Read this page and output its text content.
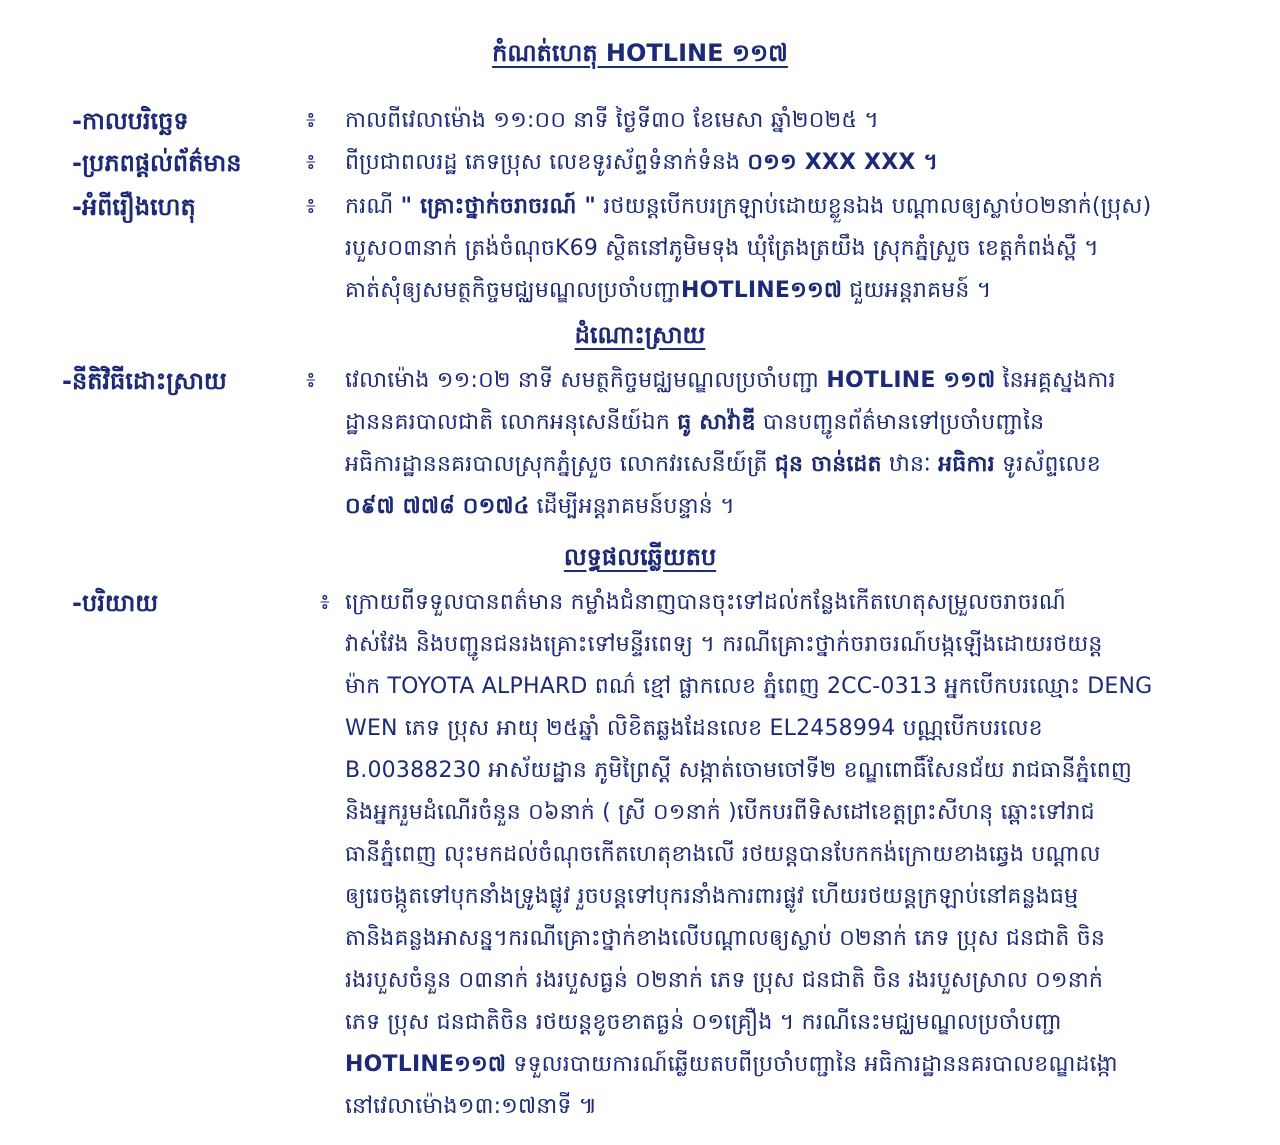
កំណត់ហេតុ HOTLINE ១១៧
-កាលបរិច្ឆេទ	៖ កាលពីវេលាម៉ោង ១១:០០ នាទី ថ្ងៃទី៣០ ខែមេសា ឆ្នាំ២០២៥ ។
-ប្រភពផ្តល់ព័ត៌មាន	៖ ពីប្រជាពលរដ្ឋ ភេទប្រុស លេខទូរស័ព្ទទំនាក់ទំនង ០១១ XXX XXX ។
-អំពីរឿងហេតុ	៖ ករណី " គ្រោះថ្នាក់ចរាចរណ៍ " រថយន្តបើកបរក្រឡាប់ដោយខ្លួនឯង បណ្តាលឲ្យស្លាប់០២នាក់(ប្រុស)
របួស០៣នាក់ ត្រង់ចំណុចK69 ស្ថិតនៅភូមិមទុង ឃុំត្រែងត្រយឹង ស្រុកភ្នំស្រួច ខេត្តកំពង់ស្ពឺ ។
គាត់សុំឲ្យសមត្ថកិច្ចមជ្ឈមណ្ឌលប្រចាំបញ្ជាHOTLINE១១៧ ជួយអន្តរាគមន៍ ។
ដំណោះស្រាយ
-នីតិវិធីដោះស្រាយ	៖ វេលាម៉ោង ១១:០២ នាទី សមត្ថកិច្ចមជ្ឈមណ្ឌលប្រចាំបញ្ជា HOTLINE ១១៧ នៃអគ្គស្នងការ
ដ្ឋាននគរបាលជាតិ លោកអនុសេនីយ៍ឯក ធូ សាវ៉ាឌី បានបញ្ជូនព័ត៌មានទៅប្រចាំបញ្ជានៃ
អធិការដ្ឋាននគរបាលស្រុកភ្នំស្រួច លោកវរសេនីយ៍ត្រី ជុន ចាន់ដេត ឋានៈ អធិការ ទូរស័ព្ទលេខ
០៩៧ ៧៧៨ ០១៧៤ ដើម្បីអន្តរាគមន៍បន្ទាន់ ។
លទ្ធផលឆ្លើយតប
-បរិយាយ	៖ ក្រោយពីទទួលបានពត៌មាន កម្លាំងជំនាញបានចុះទៅដល់កន្លែងកើតហេតុសម្រួលចរាចរណ៍
វាស់វែង និងបញ្ជូនជនរងគ្រោះទៅមន្ទីរពេទ្យ ។ ករណីគ្រោះថ្នាក់ចរាចរណ៍បង្កឡើងដោយរថយន្ត
ម៉ាក TOYOTA ALPHARD ពណ៌ ខ្មៅ ផ្លាកលេខ ភ្នំពេញ 2CC-0313 អ្នកបើកបរឈ្មោះ DENG
WEN ភេទ ប្រុស អាយុ ២៥ឆ្នាំ លិខិតឆ្លងដែនលេខ EL2458994 បណ្ណបើកបរលេខ
B.00388230 អាស័យដ្ឋាន ភូមិព្រៃស្តី សង្កាត់ចោមចៅទី២ ខណ្ឌពោធិ៍សែនជ័យ រាជធានីភ្នំពេញ
និងអ្នករួមដំណើរចំនួន ០៦នាក់ ( ស្រី ០១នាក់ )បើកបរពីទិសដៅខេត្តព្រះសីហនុ ឆ្ពោះទៅរាជ
ធានីភ្នំពេញ លុះមកដល់ចំណុចកើតហេតុខាងលើ រថយន្តបានបែកកង់ក្រោយខាងឆ្វេង បណ្តាល
ឲ្យរេចង្កូតទៅបុកនាំងទ្រូងផ្លូវ រួចបន្តទៅបុករនាំងការពារផ្លូវ ហើយរថយន្តក្រឡាប់នៅគន្លងធម្ម
តានិងគន្លងអាសន្ន។ករណីគ្រោះថ្នាក់ខាងលើបណ្តាលឲ្យស្លាប់ ០២នាក់ ភេទ ប្រុស ជនជាតិ ចិន
រងរបួសចំនួន ០៣នាក់ រងរបួសធ្ងន់ ០២នាក់ ភេទ ប្រុស ជនជាតិ ចិន រងរបួសស្រាល ០១នាក់
ភេទ ប្រុស ជនជាតិចិន រថយន្តខូចខាតធ្ងន់ ០១គ្រឿង ។ ករណីនេះមជ្ឈមណ្ឌលប្រចាំបញ្ជា
HOTLINE១១៧ ទទួលរបាយការណ៍ឆ្លើយតបពីប្រចាំបញ្ជានៃ អធិការដ្ឋាននគរបាលខណ្ឌដង្កោ
នៅវេលាម៉ោង១៣:១៧នាទី ៕
